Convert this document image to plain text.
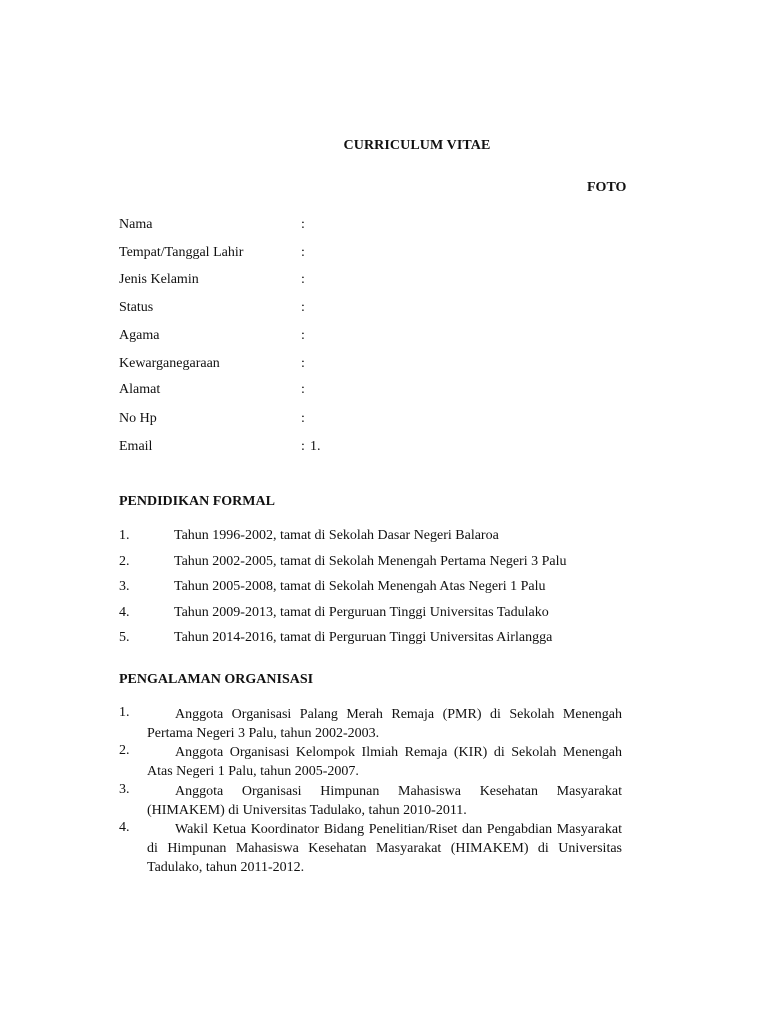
CURRICULUM VITAE
FOTO
Nama	:
Tempat/Tanggal Lahir	:
Jenis Kelamin	:
Status	:
Agama	:
Kewarganegaraan	:
Alamat	:
No Hp	:
Email	: 1.
PENDIDIKAN FORMAL
1.	Tahun 1996-2002, tamat di Sekolah Dasar Negeri Balaroa
2.	Tahun 2002-2005, tamat di Sekolah Menengah Pertama Negeri 3 Palu
3.	Tahun 2005-2008, tamat di Sekolah Menengah Atas Negeri 1 Palu
4.	Tahun 2009-2013, tamat di Perguruan Tinggi Universitas Tadulako
5.	Tahun 2014-2016, tamat di Perguruan Tinggi Universitas Airlangga
PENGALAMAN ORGANISASI
1.	Anggota Organisasi Palang Merah Remaja (PMR) di Sekolah Menengah Pertama Negeri 3 Palu, tahun 2002-2003.
2.	Anggota Organisasi Kelompok Ilmiah Remaja (KIR) di Sekolah Menengah Atas Negeri 1 Palu, tahun 2005-2007.
3.	Anggota Organisasi Himpunan Mahasiswa Kesehatan Masyarakat (HIMAKEM) di Universitas Tadulako, tahun 2010-2011.
4.	Wakil Ketua Koordinator Bidang Penelitian/Riset dan Pengabdian Masyarakat di Himpunan Mahasiswa Kesehatan Masyarakat (HIMAKEM) di Universitas Tadulako, tahun 2011-2012.
